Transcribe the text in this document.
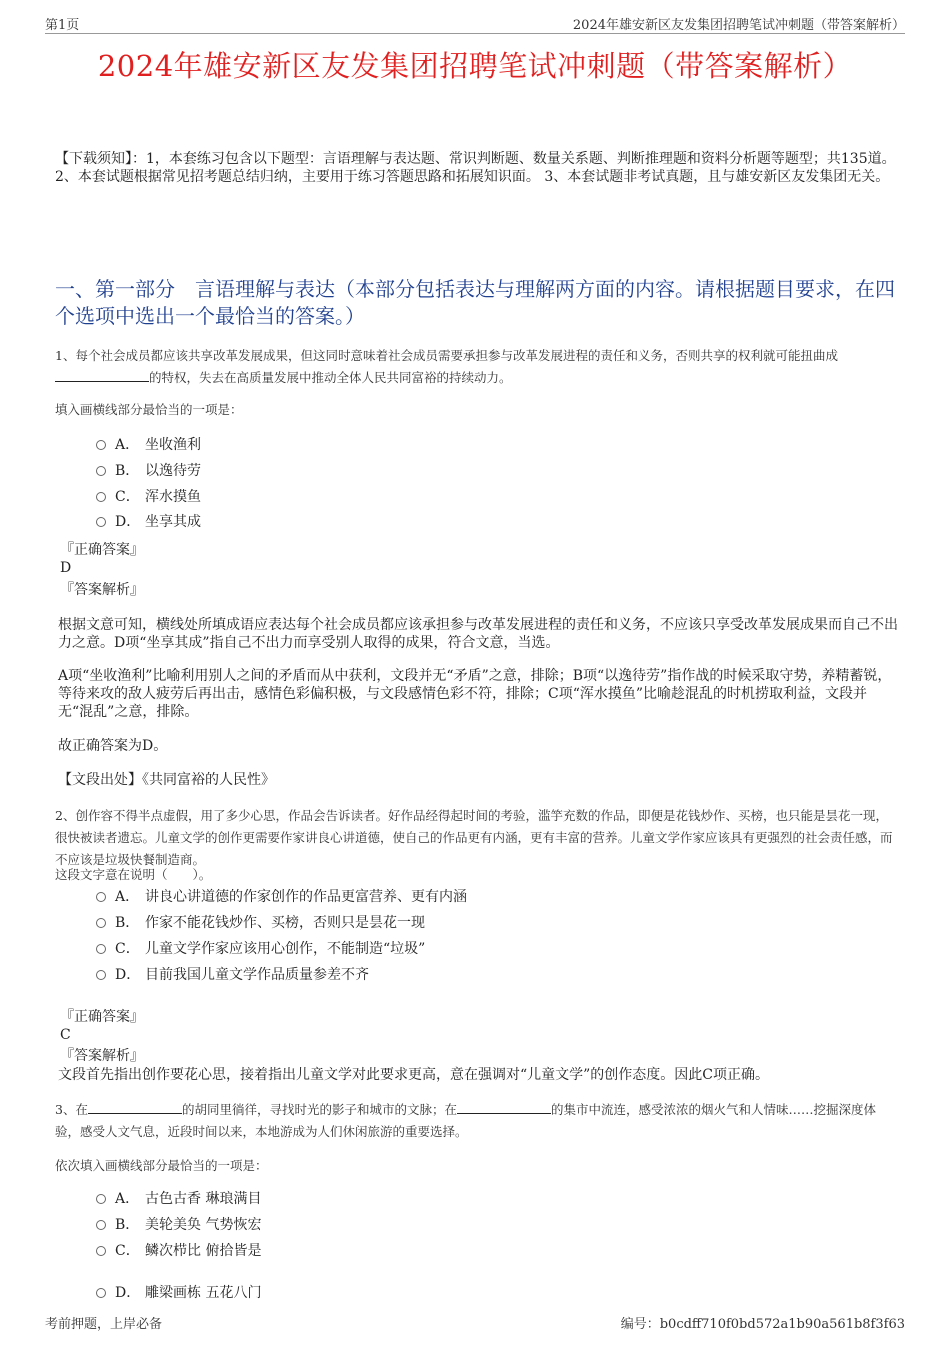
第1页	2024年雄安新区友发集团招聘笔试冲刺题（带答案解析）
2024年雄安新区友发集团招聘笔试冲刺题（带答案解析）
【下载须知】：1，本套练习包含以下题型：言语理解与表达题、常识判断题、数量关系题、判断推理题和资料分析题等题型；共135道。 2、本套试题根据常见招考题总结归纳，主要用于练习答题思路和拓展知识面。 3、本套试题非考试真题，且与雄安新区友发集团无关。
一、第一部分　言语理解与表达（本部分包括表达与理解两方面的内容。请根据题目要求，在四个选项中选出一个最恰当的答案。）
1、每个社会成员都应该共享改革发展成果，但这同时意味着社会成员需要承担参与改革发展进程的责任和义务，否则共享的权利就可能扭曲成的特权，失去在高质量发展中推动全体人民共同富裕的持续动力。
填入画横线部分最恰当的一项是：
A． 坐收渔利
B． 以逸待劳
C． 浑水摸鱼
D． 坐享其成
『正确答案』
D
『答案解析』
根据文意可知，横线处所填成语应表达每个社会成员都应该承担参与改革发展进程的责任和义务，不应该只享受改革发展成果而自己不出力之意。D项“坐享其成”指自己不出力而享受别人取得的成果，符合文意，当选。
A项“坐收渔利”比喻利用别人之间的矛盾而从中获利，文段并无“矛盾”之意，排除；B项“以逸待劳”指作战的时候采取守势，养精蓄锐，等待来攻的敌人疲劳后再出击，感情色彩偏积极，与文段感情色彩不符，排除；C项“浑水摸鱼”比喻趁混乱的时机捞取利益，文段并无“混乱”之意，排除。
故正确答案为D。
【文段出处】《共同富裕的人民性》
2、创作容不得半点虚假，用了多少心思，作品会告诉读者。好作品经得起时间的考验，滥竽充数的作品，即便是花钱炒作、买榜，也只能是昙花一现，很快被读者遗忘。儿童文学的创作更需要作家讲良心讲道德，使自己的作品更有内涵，更有丰富的营养。儿童文学作家应该具有更强烈的社会责任感，而不应该是垃圾快餐制造商。
这段文字意在说明（　　）。
A． 讲良心讲道德的作家创作的作品更富营养、更有内涵
B． 作家不能花钱炒作、买榜，否则只是昙花一现
C． 儿童文学作家应该用心创作，不能制造“垃圾”
D． 目前我国儿童文学作品质量参差不齐
『正确答案』
C
『答案解析』
文段首先指出创作要花心思，接着指出儿童文学对此要求更高，意在强调对“儿童文学”的创作态度。因此C项正确。
3、在	的胡同里徜徉，寻找时光的影子和城市的文脉；在	的集市中流连，感受浓浓的烟火气和人情味……挖掘深度体验，感受人文气息，近段时间以来，本地游成为人们休闲旅游的重要选择。
依次填入画横线部分最恰当的一项是：
A． 古色古香 琳琅满目
B． 美轮美奂 气势恢宏
C． 鳞次栉比 俯拾皆是
D． 雕梁画栋 五花八门
考前押题，上岸必备	编号：b0cdff710f0bd572a1b90a561b8f3f63
